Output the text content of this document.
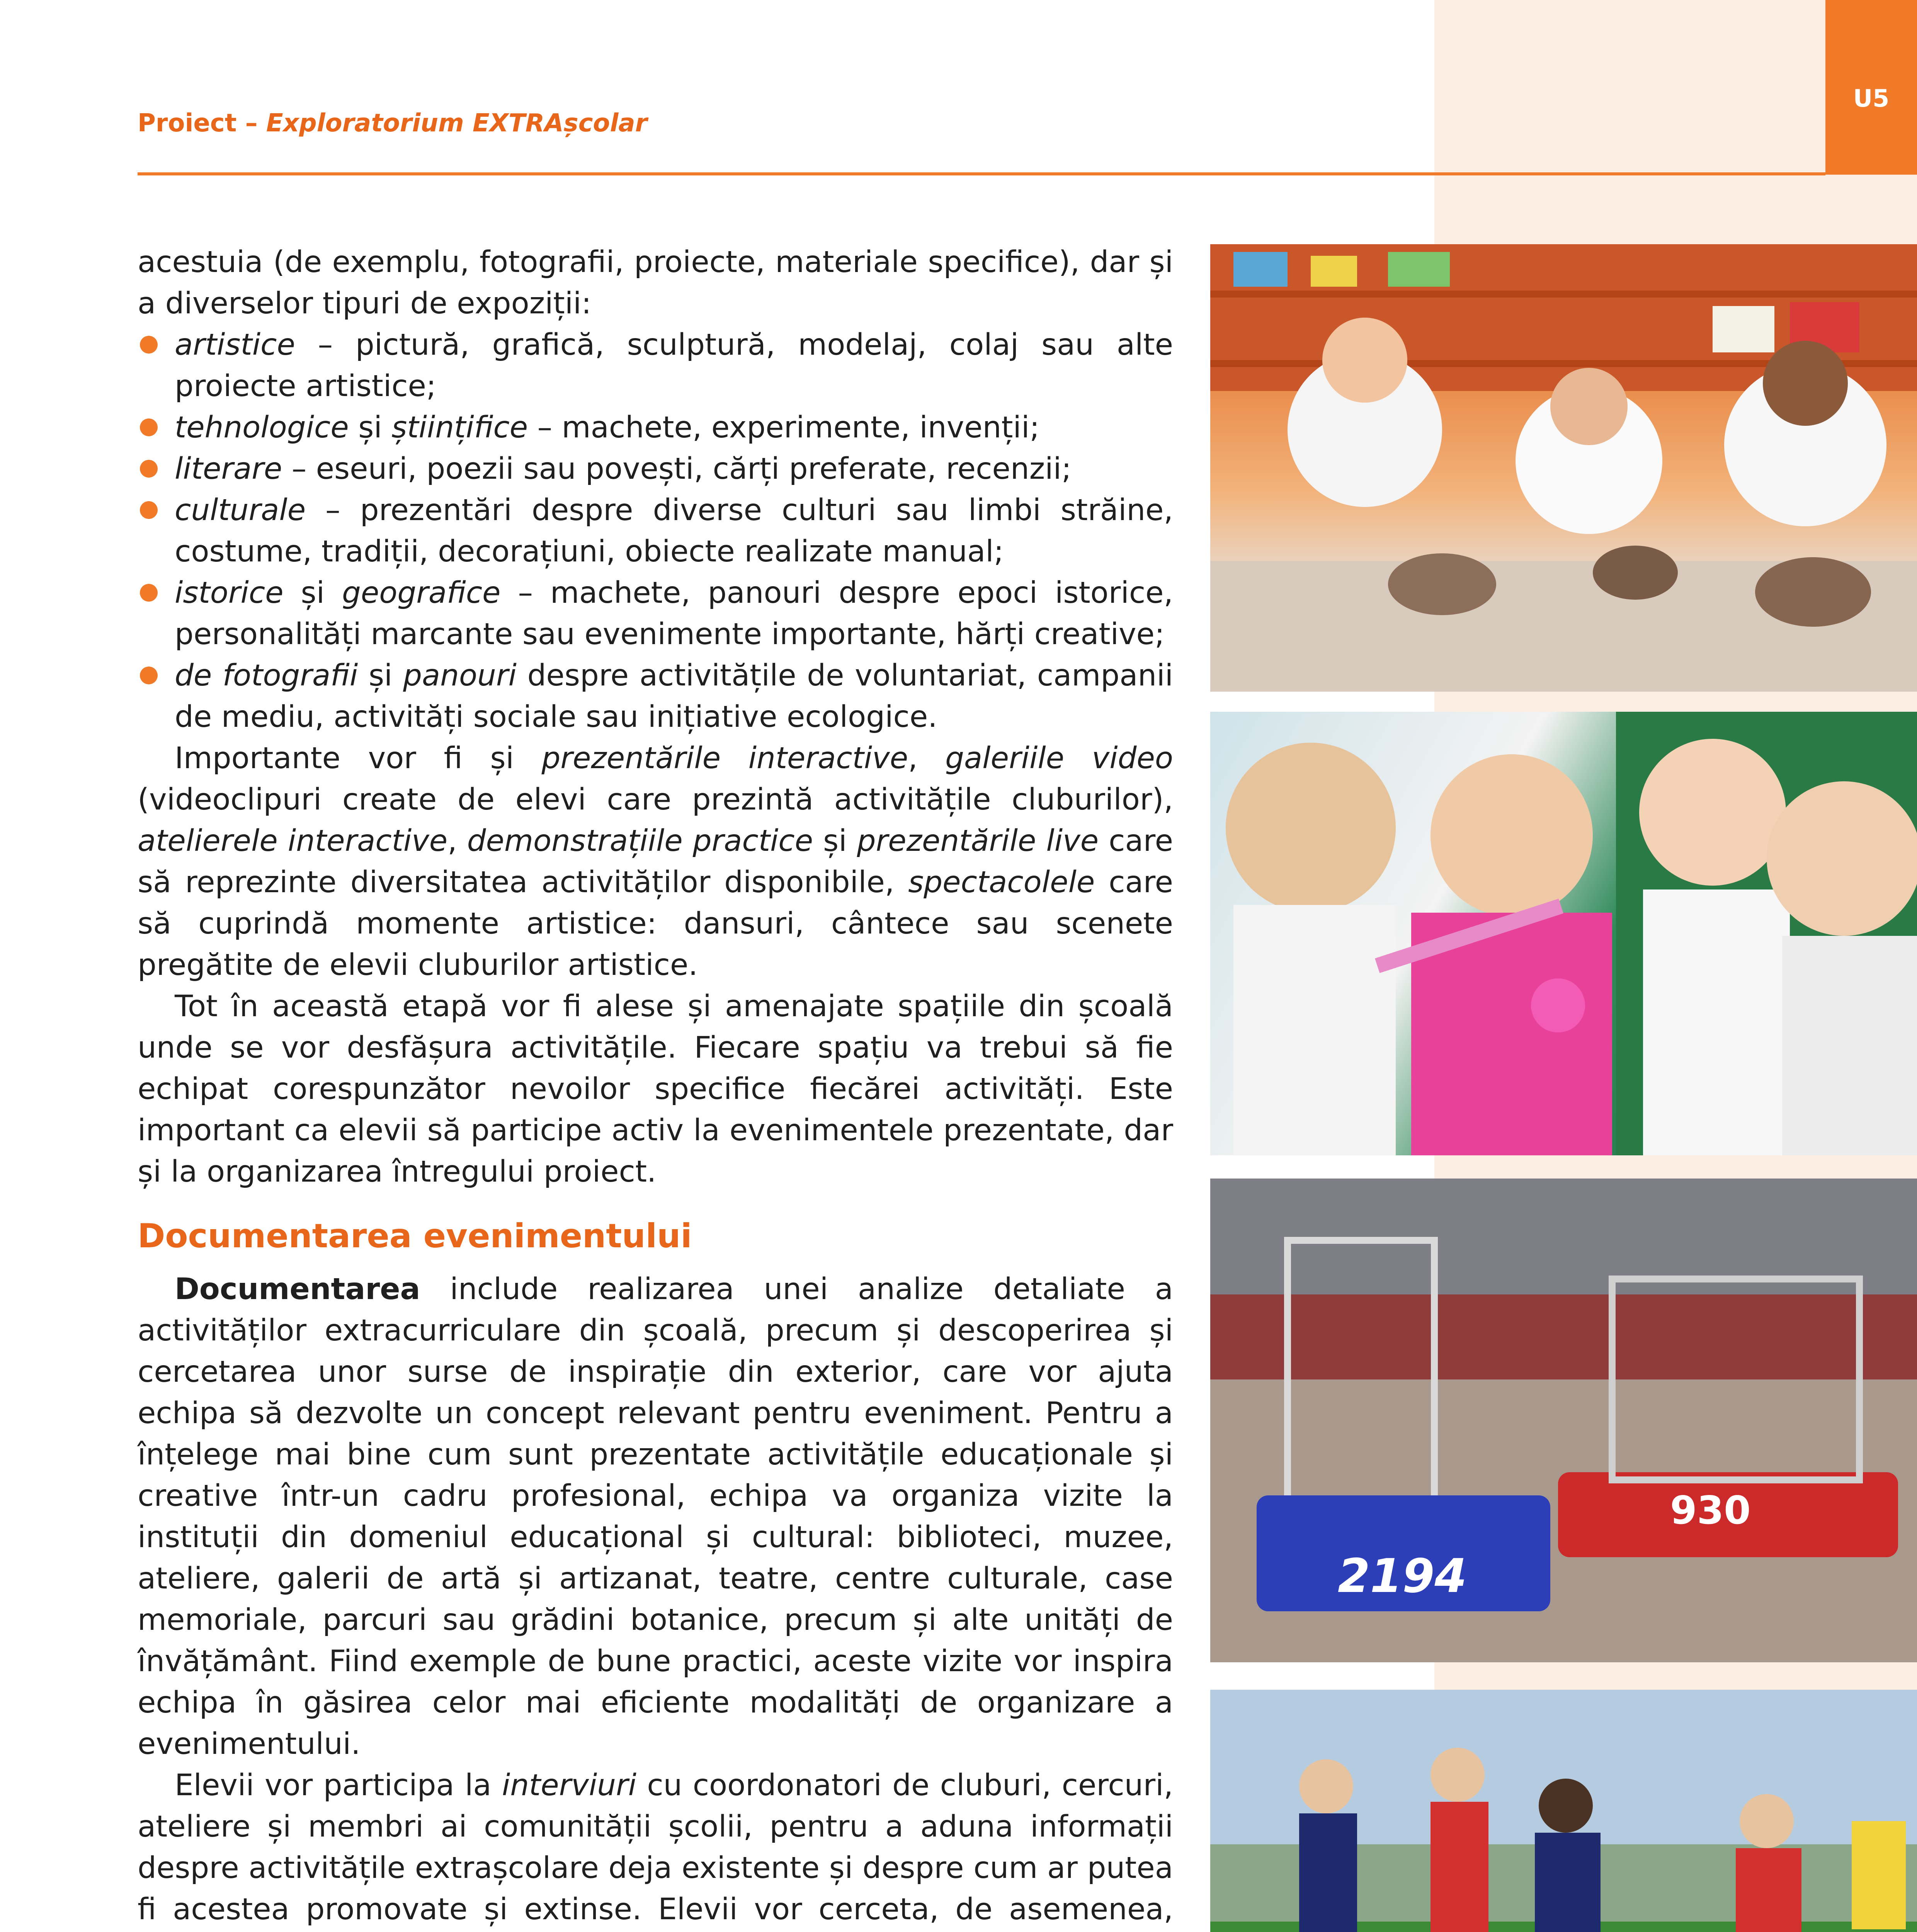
U5
Proiect – Exploratorium EXTRAșcolar

acestuia (de exemplu, fotografii, proiecte, materiale specifice), dar și a diverselor tipuri de expoziții:

artistice – pictură, grafică, sculptură, modelaj, colaj sau alte proiecte artistice;
tehnologice și științifice – machete, experimente, invenții;
literare – eseuri, poezii sau povești, cărți preferate, recenzii;
culturale – prezentări despre diverse culturi sau limbi străine, costume, tradiții, decorațiuni, obiecte realizate manual;
istorice și geografice – machete, panouri despre epoci istorice, personalități marcante sau evenimente importante, hărți creative;
de fotografii și panouri despre activitățile de voluntariat, campanii de mediu, activități sociale sau inițiative ecologice.

Importante vor fi și prezentările interactive, galeriile video (videoclipuri create de elevi care prezintă activitățile cluburilor), atelierele interactive, demonstrațiile practice și prezentările live care să reprezinte diversitatea activităților disponibile, spectacolele care să cuprindă momente artistice: dansuri, cântece sau scenete pregătite de elevii cluburilor artistice.

Tot în această etapă vor fi alese și amenajate spațiile din școală unde se vor desfășura activitățile. Fiecare spațiu va trebui să fie echipat corespunzător nevoilor specifice fiecărei activități. Este important ca elevii să participe activ la evenimentele prezentate, dar și la organizarea întregului proiect.

Documentarea evenimentului

Documentarea include realizarea unei analize detaliate a activităților extracurriculare din școală, precum și descoperirea și cercetarea unor surse de inspirație din exterior, care vor ajuta echipa să dezvolte un concept relevant pentru eveniment. Pentru a înțelege mai bine cum sunt prezentate activitățile educaționale și creative într-un cadru profesional, echipa va organiza vizite la instituții din domeniul educațional și cultural: biblioteci, muzee, ateliere, galerii de artă și artizanat, teatre, centre culturale, case memoriale, parcuri sau grădini botanice, precum și alte unități de învățământ. Fiind exemple de bune practici, aceste vizite vor inspira echipa în găsirea celor mai eficiente modalități de organizare a evenimentului.

Elevii vor participa la interviuri cu coordonatori de cluburi, cercuri, ateliere și membri ai comunității școlii, pentru a aduna informații despre activitățile extrașcolare deja existente și despre cum ar putea fi acestea promovate și extinse. Elevii vor cerceta, de asemenea,

2194
930
